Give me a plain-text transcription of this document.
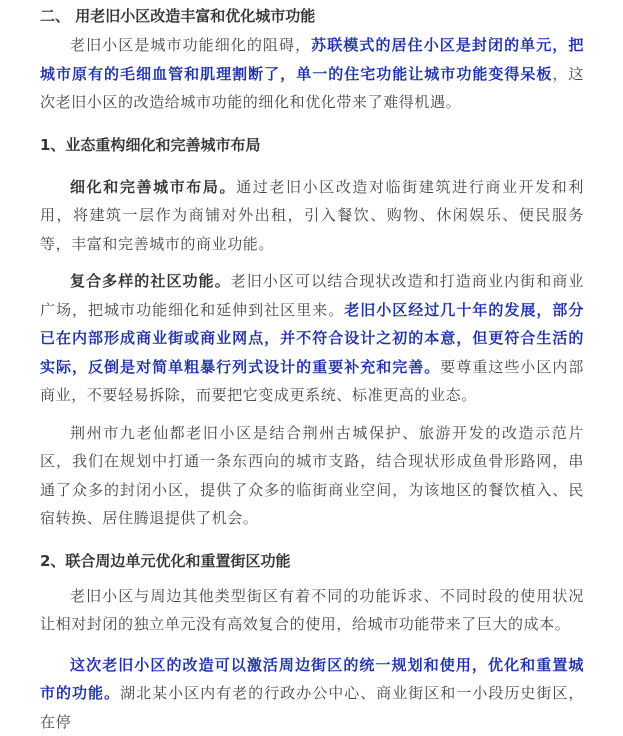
二、 用老旧小区改造丰富和优化城市功能

老旧小区是城市功能细化的阻碍，苏联模式的居住小区是封闭的单元，把城市原有的毛细血管和肌理割断了，单一的住宅功能让城市功能变得呆板，这次老旧小区的改造给城市功能的细化和优化带来了难得机遇。

1、业态重构细化和完善城市布局

细化和完善城市布局。通过老旧小区改造对临街建筑进行商业开发和利用，将建筑一层作为商铺对外出租，引入餐饮、购物、休闲娱乐、便民服务等，丰富和完善城市的商业功能。

复合多样的社区功能。老旧小区可以结合现状改造和打造商业内街和商业广场，把城市功能细化和延伸到社区里来。老旧小区经过几十年的发展，部分已在内部形成商业街或商业网点，并不符合设计之初的本意，但更符合生活的实际，反倒是对简单粗暴行列式设计的重要补充和完善。要尊重这些小区内部商业，不要轻易拆除，而要把它变成更系统、标准更高的业态。

荆州市九老仙都老旧小区是结合荆州古城保护、旅游开发的改造示范片区，我们在规划中打通一条东西向的城市支路，结合现状形成鱼骨形路网，串通了众多的封闭小区，提供了众多的临街商业空间，为该地区的餐饮植入、民宿转换、居住腾退提供了机会。

2、联合周边单元优化和重置街区功能

老旧小区与周边其他类型街区有着不同的功能诉求、不同时段的使用状况让相对封闭的独立单元没有高效复合的使用，给城市功能带来了巨大的成本。

这次老旧小区的改造可以激活周边街区的统一规划和使用，优化和重置城市的功能。湖北某小区内有老的行政办公中心、商业街区和一小段历史街区，在停
